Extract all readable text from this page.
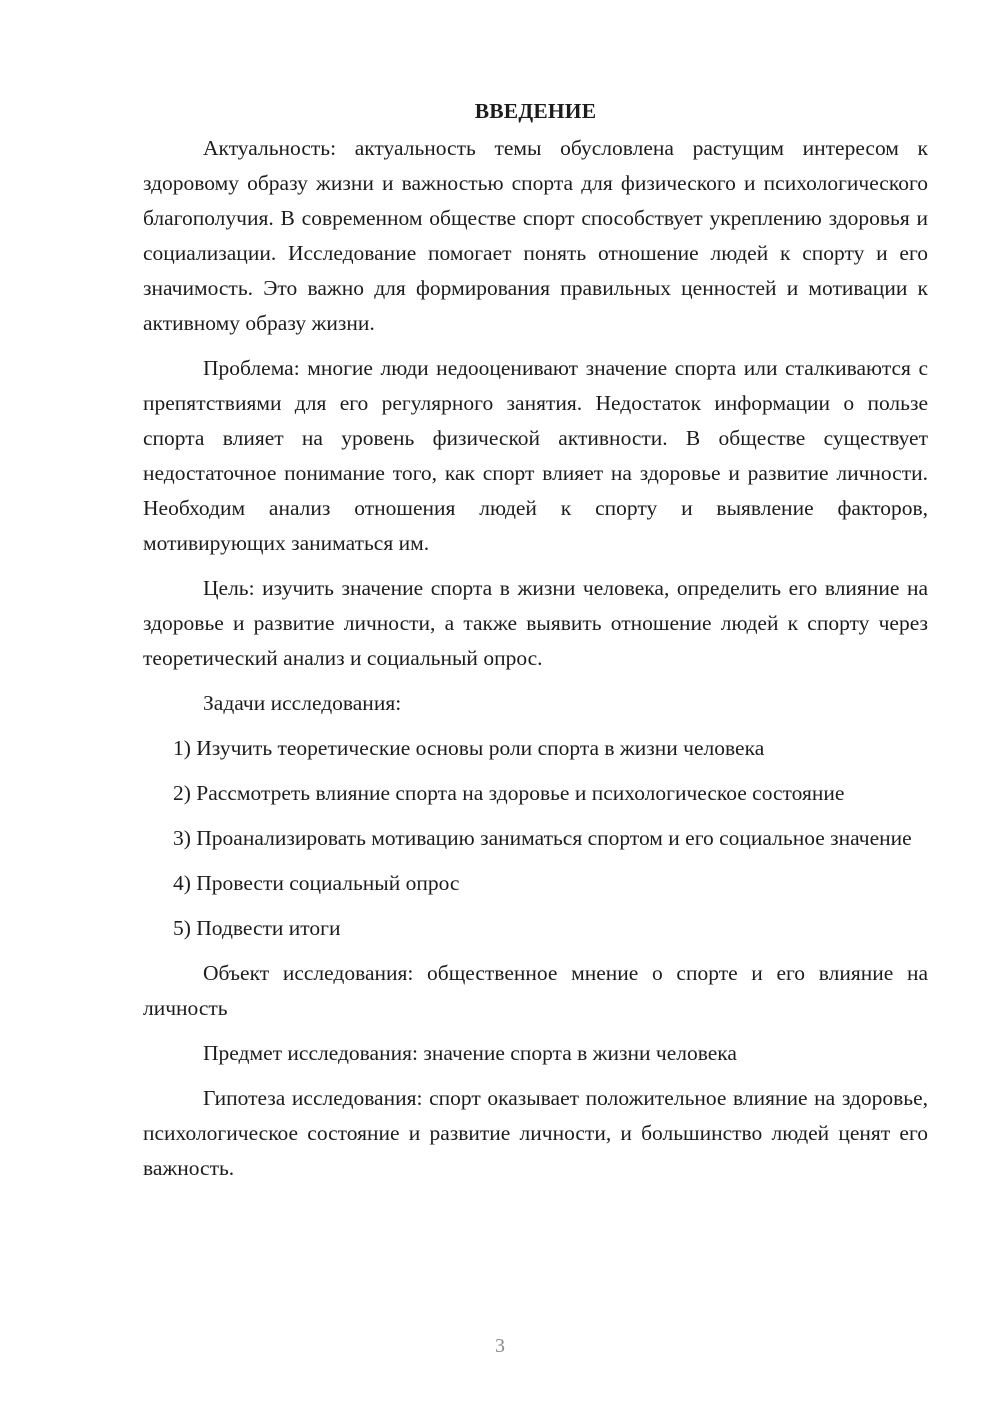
ВВЕДЕНИЕ

Актуальность: актуальность темы обусловлена растущим интересом к здоровому образу жизни и важностью спорта для физического и психологического благополучия. В современном обществе спорт способствует укреплению здоровья и социализации. Исследование помогает понять отношение людей к спорту и его значимость. Это важно для формирования правильных ценностей и мотивации к активному образу жизни.

Проблема: многие люди недооценивают значение спорта или сталкиваются с препятствиями для его регулярного занятия. Недостаток информации о пользе спорта влияет на уровень физической активности. В обществе существует недостаточное понимание того, как спорт влияет на здоровье и развитие личности. Необходим анализ отношения людей к спорту и выявление факторов, мотивирующих заниматься им.

Цель: изучить значение спорта в жизни человека, определить его влияние на здоровье и развитие личности, а также выявить отношение людей к спорту через теоретический анализ и социальный опрос.

Задачи исследования:

1) Изучить теоретические основы роли спорта в жизни человека

2) Рассмотреть влияние спорта на здоровье и психологическое состояние

3) Проанализировать мотивацию заниматься спортом и его социальное значение

4) Провести социальный опрос

5) Подвести итоги

Объект исследования: общественное мнение о спорте и его влияние на личность

Предмет исследования: значение спорта в жизни человека

Гипотеза исследования: спорт оказывает положительное влияние на здоровье, психологическое состояние и развитие личности, и большинство людей ценят его важность.

3
